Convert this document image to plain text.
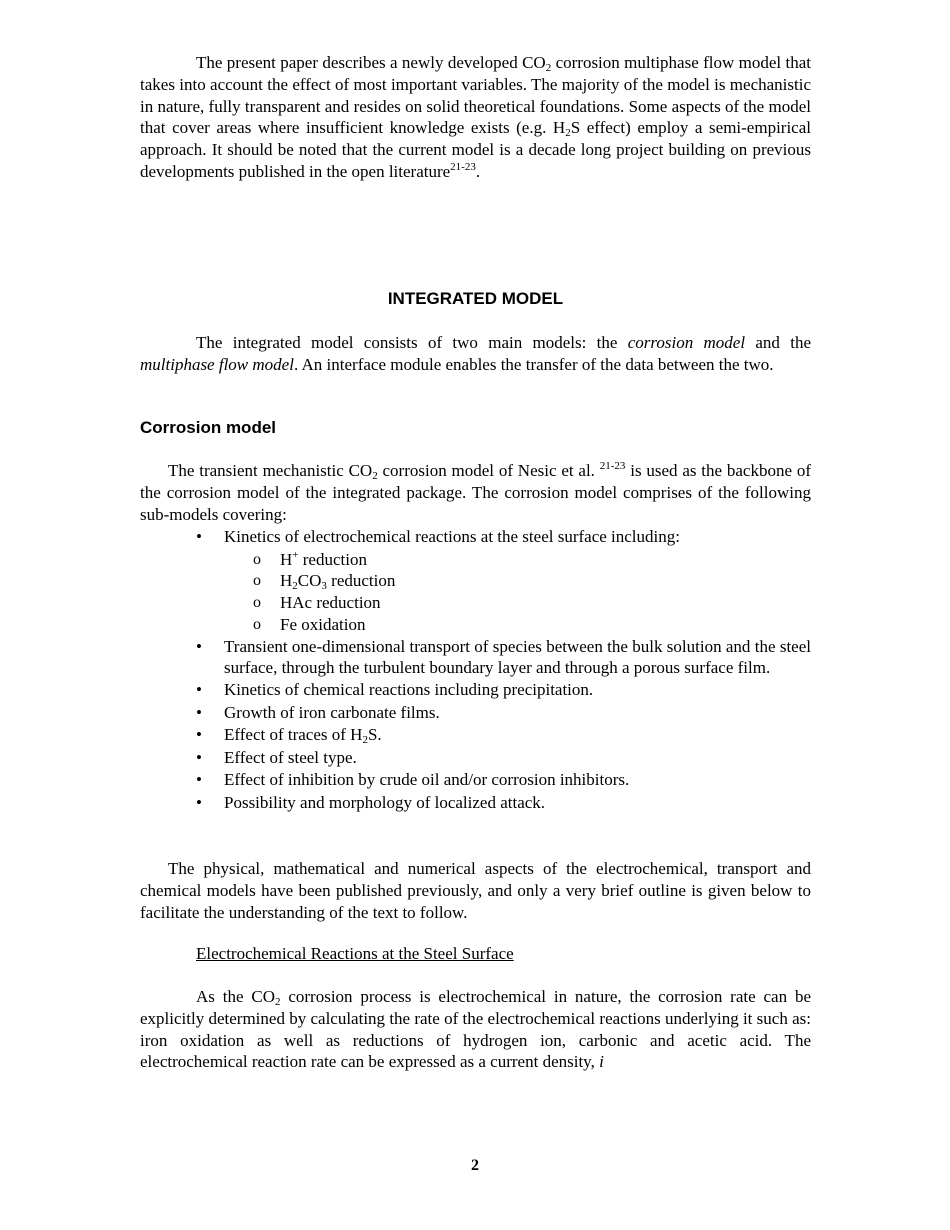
The present paper describes a newly developed $CO_2$ corrosion multiphase flow model that takes into account the effect of most important variables. The majority of the model is mechanistic in nature, fully transparent and resides on solid theoretical foundations. Some aspects of the model that cover areas where insufficient knowledge exists (e.g. $H_2S$ effect) employ a semi-empirical approach. It should be noted that the current model is a decade long project building on previous developments published in the open literature$^{21-23}$.

INTEGRATED MODEL

The integrated model consists of two main models: the corrosion model and the multiphase flow model. An interface module enables the transfer of the data between the two.

Corrosion model

The transient mechanistic $CO_2$ corrosion model of Nesic et al. $^{21-23}$ is used as the backbone of the corrosion model of the integrated package. The corrosion model comprises of the following sub-models covering:

• Kinetics of electrochemical reactions at the steel surface including:
o H+ reduction
o $H_2CO_3$ reduction
o HAc reduction
o Fe oxidation
• Transient one-dimensional transport of species between the bulk solution and the steel surface, through the turbulent boundary layer and through a porous surface film.
• Kinetics of chemical reactions including precipitation.
• Growth of iron carbonate films.
• Effect of traces of $H_2S$.
• Effect of steel type.
• Effect of inhibition by crude oil and/or corrosion inhibitors.
• Possibility and morphology of localized attack.

The physical, mathematical and numerical aspects of the electrochemical, transport and chemical models have been published previously, and only a very brief outline is given below to facilitate the understanding of the text to follow.

Electrochemical Reactions at the Steel Surface

As the $CO_2$ corrosion process is electrochemical in nature, the corrosion rate can be explicitly determined by calculating the rate of the electrochemical reactions underlying it such as: iron oxidation as well as reductions of hydrogen ion, carbonic and acetic acid. The electrochemical reaction rate can be expressed as a current density, i

2
